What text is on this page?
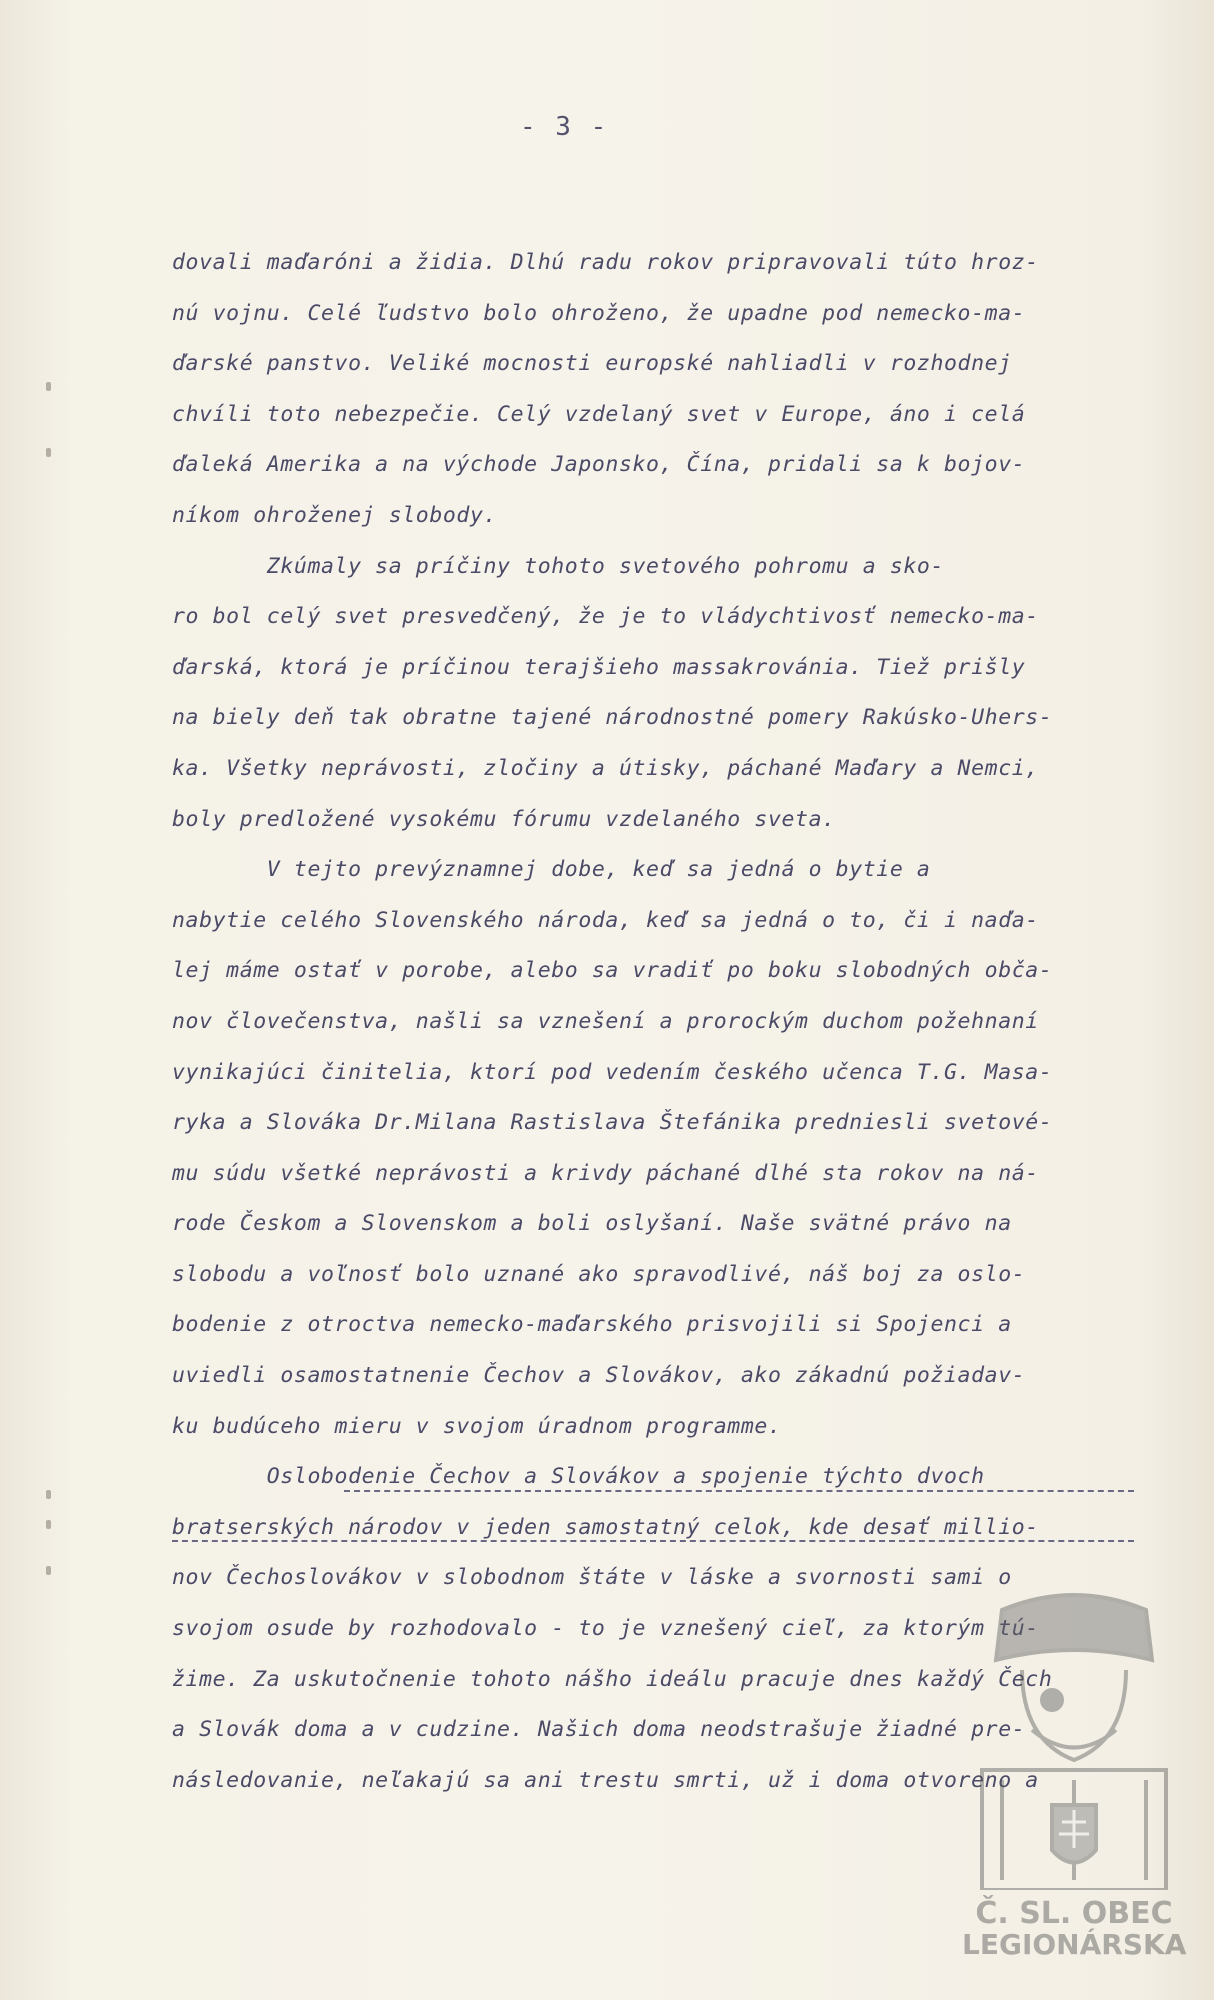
- 3 -
dovali maďaróni a židia. Dlhú radu rokov pripravovali túto hroz-
nú vojnu. Celé ľudstvo bolo ohroženo, že upadne pod nemecko-ma-
ďarské panstvo. Veliké mocnosti europské nahliadli v rozhodnej
chvíli toto nebezpečie. Celý vzdelaný svet v Europe, áno i celá
ďaleká Amerika a na východe Japonsko, Čína, pridali sa k bojov-
níkom ohroženej slobody.
Zkúmaly sa príčiny tohoto svetového pohromu a sko-
ro bol celý svet presvedčený, že je to vládychtivosť nemecko-ma-
ďarská, ktorá je príčinou terajšieho massakrovánia. Tiež prišly
na biely deň tak obratne tajené národnostné pomery Rakúsko-Uhers-
ka. Všetky neprávosti, zločiny a útisky, páchané Maďary a Nemci,
boly predložené vysokému fórumu vzdelaného sveta.
V tejto prevýznamnej dobe, keď sa jedná o bytie a
nabytie celého Slovenského národa, keď sa jedná o to, či i naďa-
lej máme ostať v porobe, alebo sa vradiť po boku slobodných obča-
nov človečenstva, našli sa vznešení a prorockým duchom požehnaní
vynikajúci činitelia, ktorí pod vedením českého učenca T.G. Masa-
ryka a Slováka Dr.Milana Rastislava Štefánika predniesli svetové-
mu súdu všetké neprávosti a krivdy páchané dlhé sta rokov na ná-
rode Českom a Slovenskom a boli oslyšaní. Naše svätné právo na
slobodu a voľnosť bolo uznané ako spravodlivé, náš boj za oslo-
bodenie z otroctva nemecko-maďarského prisvojili si Spojenci a
uviedli osamostatnenie Čechov a Slovákov, ako zákadnú požiadav-
ku budúceho mieru v svojom úradnom programme.
Oslobodenie Čechov a Slovákov a spojenie týchto dvoch
bratserských národov v jeden samostatný celok, kde desať millio-
nov Čechoslovákov v slobodnom štáte v láske a svornosti sami o
svojom osude by rozhodovalo - to je vznešený cieľ, za ktorým tú-
žime. Za uskutočnenie tohoto nášho ideálu pracuje dnes každý Čech
a Slovák doma a v cudzine. Našich doma neodstrašuje žiadné pre-
následovanie, neľakajú sa ani trestu smrti, už i doma otvoreno a
Č. SL. OBEC
LEGIONÁRSKA
